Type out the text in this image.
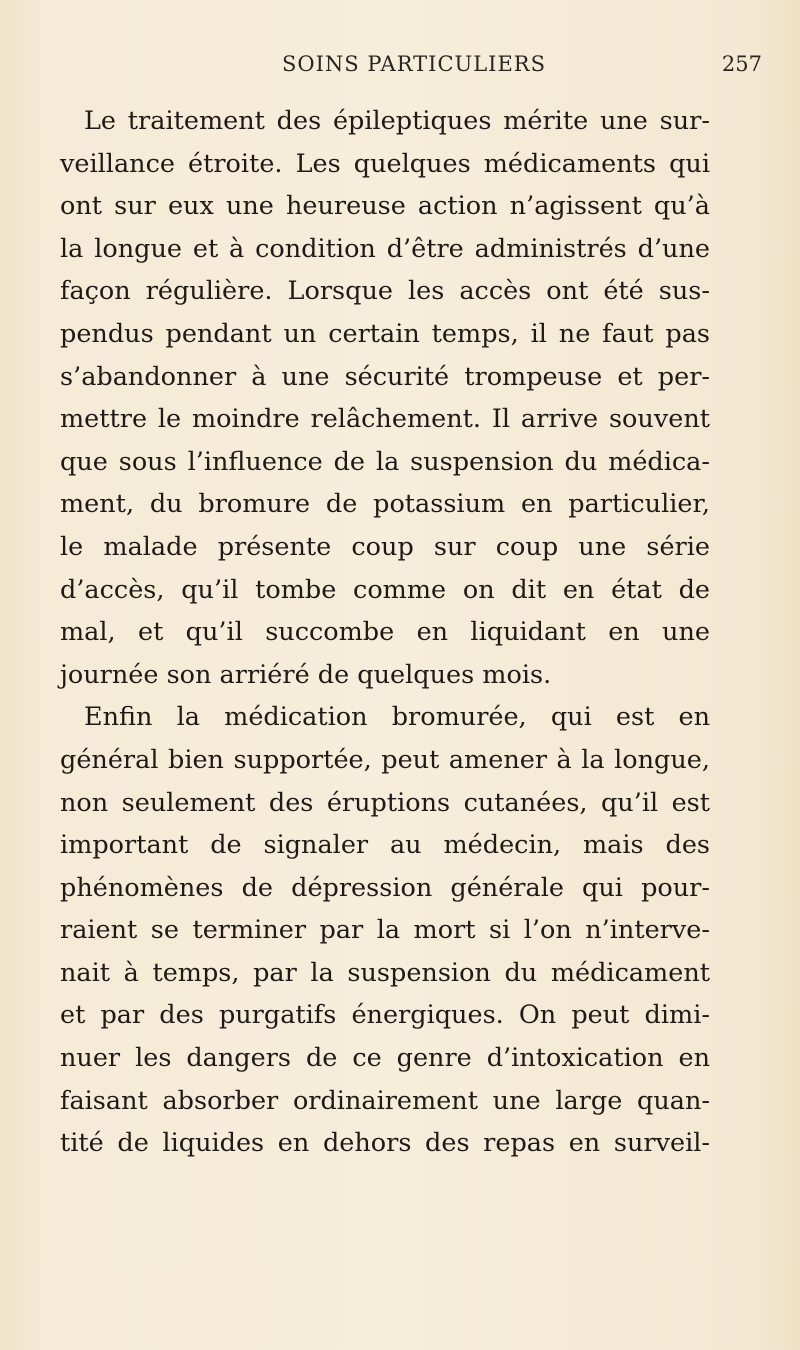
SOINS PARTICULIERS	257
Le traitement des épileptiques mérite une sur-
veillance étroite. Les quelques médicaments qui
ont sur eux une heureuse action n’agissent qu’à
la longue et à condition d’être administrés d’une
façon régulière. Lorsque les accès ont été sus-
pendus pendant un certain temps, il ne faut pas
s’abandonner à une sécurité trompeuse et per-
mettre le moindre relâchement. Il arrive souvent
que sous l’influence de la suspension du médica-
ment, du bromure de potassium en particulier,
le malade présente coup sur coup une série
d’accès, qu’il tombe comme on dit en état de
mal, et qu’il succombe en liquidant en une
journée son arriéré de quelques mois.
Enfin la médication bromurée, qui est en
général bien supportée, peut amener à la longue,
non seulement des éruptions cutanées, qu’il est
important de signaler au médecin, mais des
phénomènes de dépression générale qui pour-
raient se terminer par la mort si l’on n’interve-
nait à temps, par la suspension du médicament
et par des purgatifs énergiques. On peut dimi-
nuer les dangers de ce genre d’intoxication en
faisant absorber ordinairement une large quan-
tité de liquides en dehors des repas en surveil-
